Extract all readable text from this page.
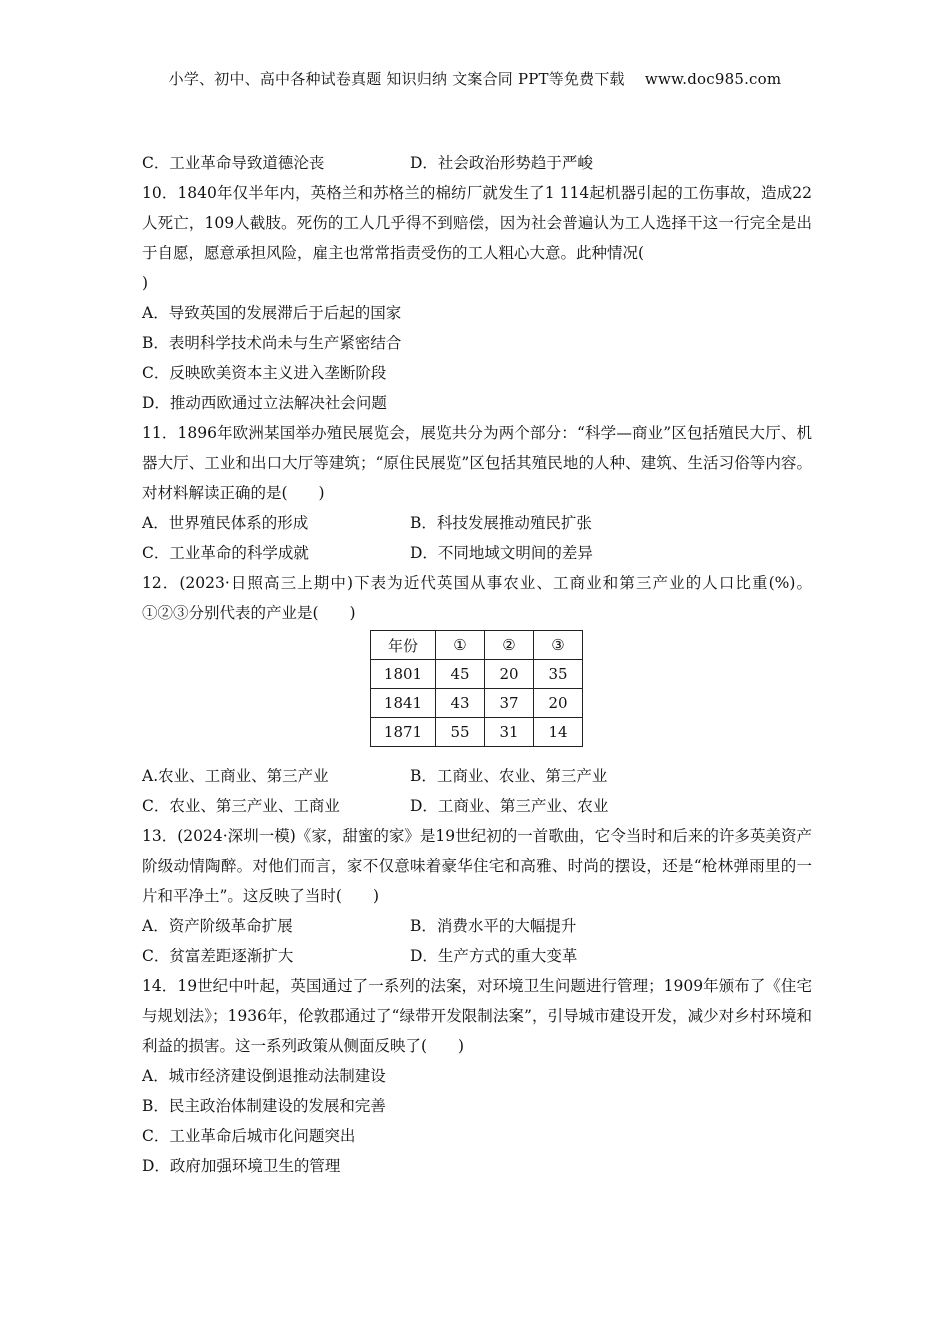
小学、初中、高中各种试卷真题 知识归纳 文案合同 PPT等免费下载　 www.doc985.com
C．工业革命导致道德沦丧	D．社会政治形势趋于严峻
10．1840年仅半年内，英格兰和苏格兰的棉纺厂就发生了1 114起机器引起的工伤事故，造成22人死亡，109人截肢。死伤的工人几乎得不到赔偿，因为社会普遍认为工人选择干这一行完全是出于自愿，愿意承担风险，雇主也常常指责受伤的工人粗心大意。此种情况(
)
A．导致英国的发展滞后于后起的国家
B．表明科学技术尚未与生产紧密结合
C．反映欧美资本主义进入垄断阶段
D．推动西欧通过立法解决社会问题
11．1896年欧洲某国举办殖民展览会，展览共分为两个部分：“科学—商业”区包括殖民大厅、机器大厅、工业和出口大厅等建筑；“原住民展览”区包括其殖民地的人种、建筑、生活习俗等内容。对材料解读正确的是(　　)
A．世界殖民体系的形成	B．科技发展推动殖民扩张
C．工业革命的科学成就	D．不同地域文明间的差异
12．(2023·日照高三上期中)下表为近代英国从事农业、工商业和第三产业的人口比重(%)。①②③分别代表的产业是(　　)
年份	①	②	③
1801	45	20	35
1841	43	37	20
1871	55	31	14
A.农业、工商业、第三产业	B．工商业、农业、第三产业
C．农业、第三产业、工商业	D．工商业、第三产业、农业
13．(2024·深圳一模)《家，甜蜜的家》是19世纪初的一首歌曲，它令当时和后来的许多英美资产阶级动情陶醉。对他们而言，家不仅意味着豪华住宅和高雅、时尚的摆设，还是“枪林弹雨里的一片和平净土”。这反映了当时(　　)
A．资产阶级革命扩展	B．消费水平的大幅提升
C．贫富差距逐渐扩大	D．生产方式的重大变革
14．19世纪中叶起，英国通过了一系列的法案，对环境卫生问题进行管理；1909年颁布了《住宅与规划法》；1936年，伦敦郡通过了“绿带开发限制法案”，引导城市建设开发，减少对乡村环境和利益的损害。这一系列政策从侧面反映了(　　)
A．城市经济建设倒退推动法制建设
B．民主政治体制建设的发展和完善
C．工业革命后城市化问题突出
D．政府加强环境卫生的管理
